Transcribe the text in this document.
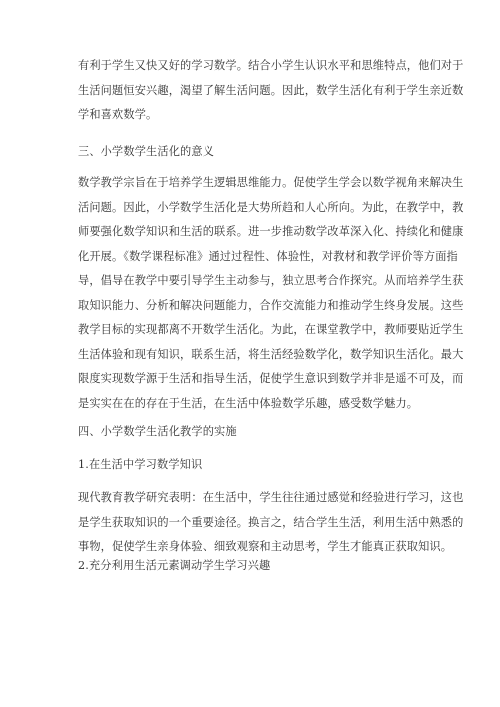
有利于学生又快又好的学习数学。结合小学生认识水平和思维特点，他们对于
生活问题恒安兴趣，渴望了解生活问题。因此，数学生活化有利于学生亲近数
学和喜欢数学。
三、小学数学生活化的意义
数学教学宗旨在于培养学生逻辑思维能力。促使学生学会以数学视角来解决生
活问题。因此，小学数学生活化是大势所趋和人心所向。为此，在教学中，教
师要强化数学知识和生活的联系。进一步推动数学改革深入化、持续化和健康
化开展。《数学课程标准》通过过程性、体验性，对教材和教学评价等方面指
导，倡导在教学中要引导学生主动参与，独立思考合作探究。从而培养学生获
取知识能力、分析和解决问题能力，合作交流能力和推动学生终身发展。这些
教学目标的实现都离不开数学生活化。为此，在课堂教学中，教师要贴近学生
生活体验和现有知识，联系生活，将生活经验数学化，数学知识生活化。最大
限度实现数学源于生活和指导生活，促使学生意识到数学并非是遥不可及，而
是实实在在的存在于生活，在生活中体验数学乐趣，感受数学魅力。
四、小学数学生活化教学的实施
1.在生活中学习数学知识
现代教育教学研究表明：在生活中，学生往往通过感觉和经验进行学习，这也
是学生获取知识的一个重要途径。换言之，结合学生生活，利用生活中熟悉的
事物，促使学生亲身体验、细致观察和主动思考，学生才能真正获取知识。
2.充分利用生活元素调动学生学习兴趣
